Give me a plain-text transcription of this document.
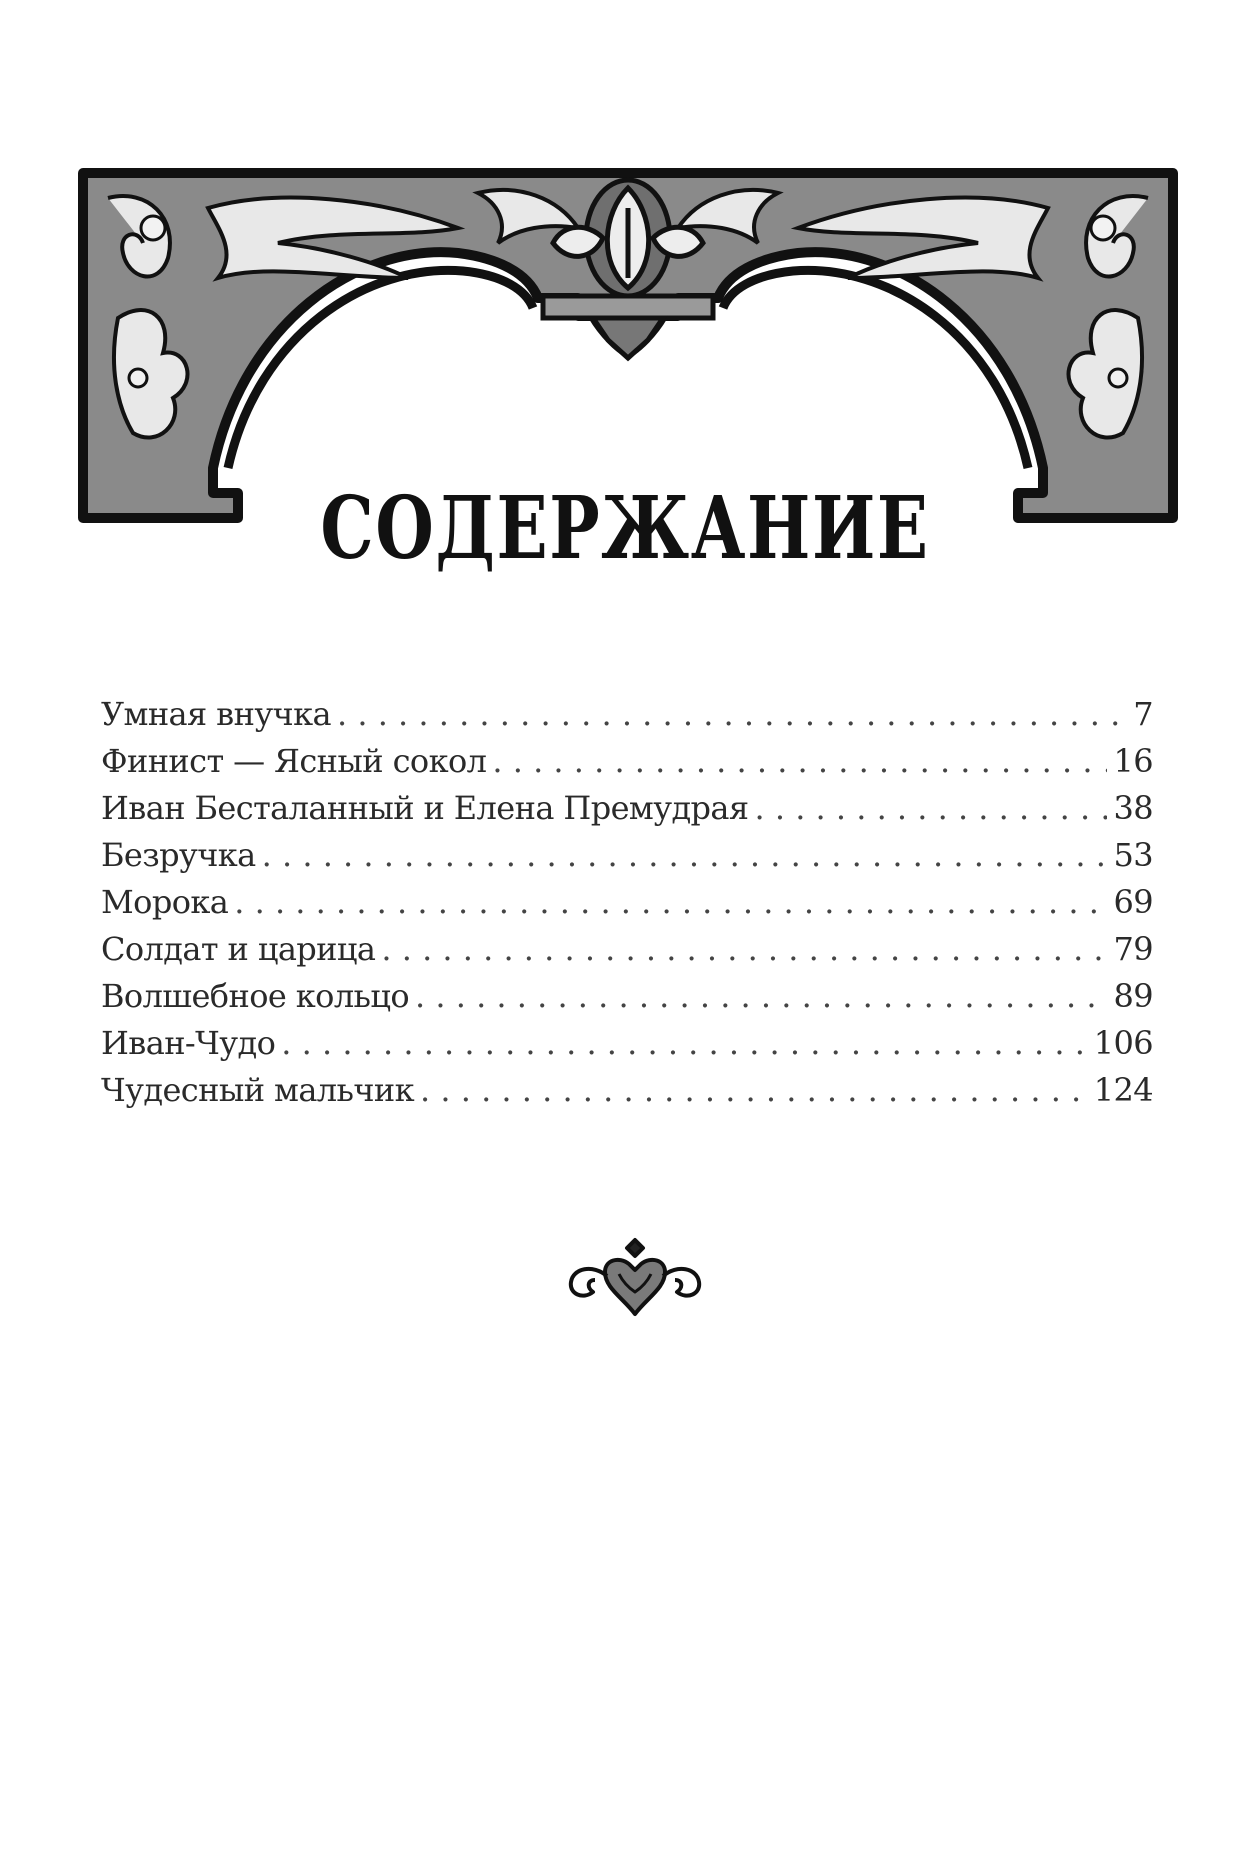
СОДЕРЖАНИЕ
Умная внучка . . .	7
Финист — Ясный сокол . . .	16
Иван Бесталанный и Елена Премудрая . . .	38
Безручка . . .	53
Морока . . .	69
Солдат и царица . . .	79
Волшебное кольцо . . .	89
Иван-Чудо . . .	106
Чудесный мальчик . . .	124
